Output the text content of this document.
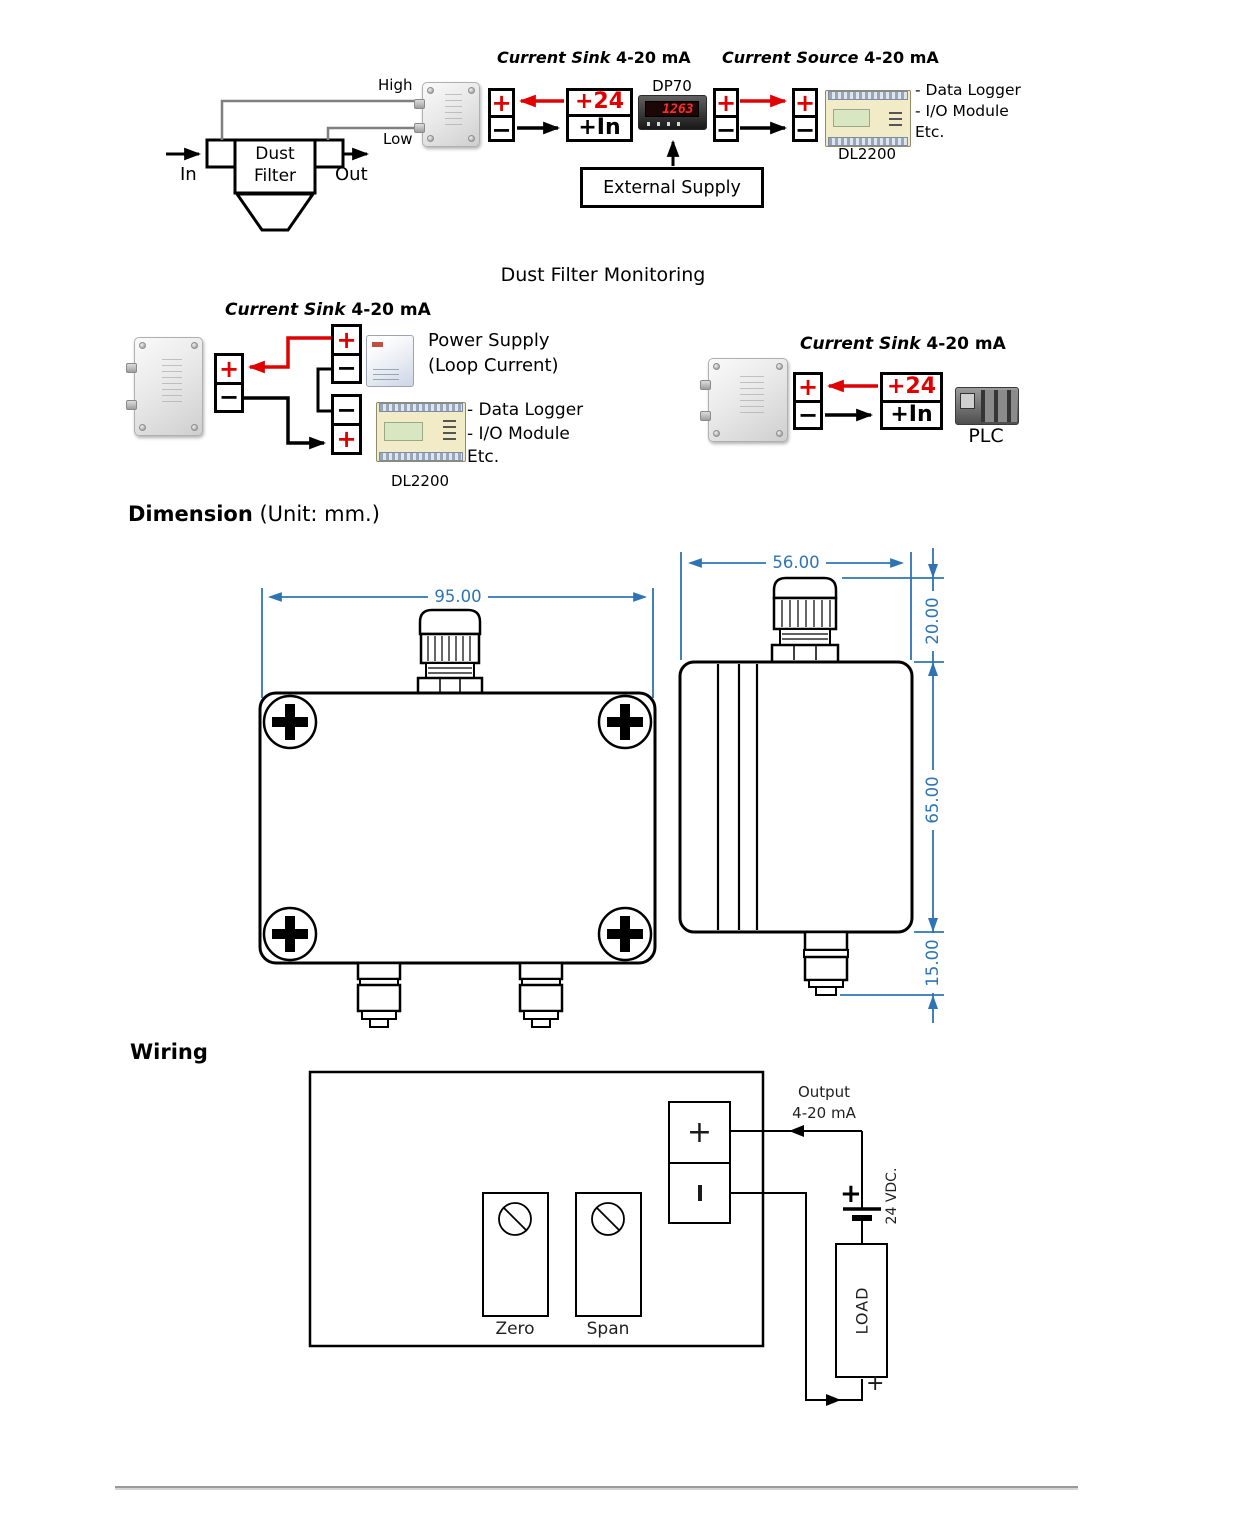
Current Sink 4-20 mA Current Source 4-20 mA
High
Low
In	Out
Dust
Filter
+
−
+24
+In
DP70
1263 +
−
+
−
DL2200
- Data Logger
- I/O Module
Etc.
External Supply
Dust Filter Monitoring
Current Sink 4-20 mA
+
−
+
−
Power Supply
(Loop Current)
−
+
DL2200
- Data Logger
- I/O Module
Etc.
Current Sink 4-20 mA
+
−
+24
+In
PLC
Dimension (Unit: mm.)
95.00
56.00
20.00
65.00
15.00
Wiring
+
Output
4-20 mA
+ 24 VDC.
Zero	Span	LOAD
+
